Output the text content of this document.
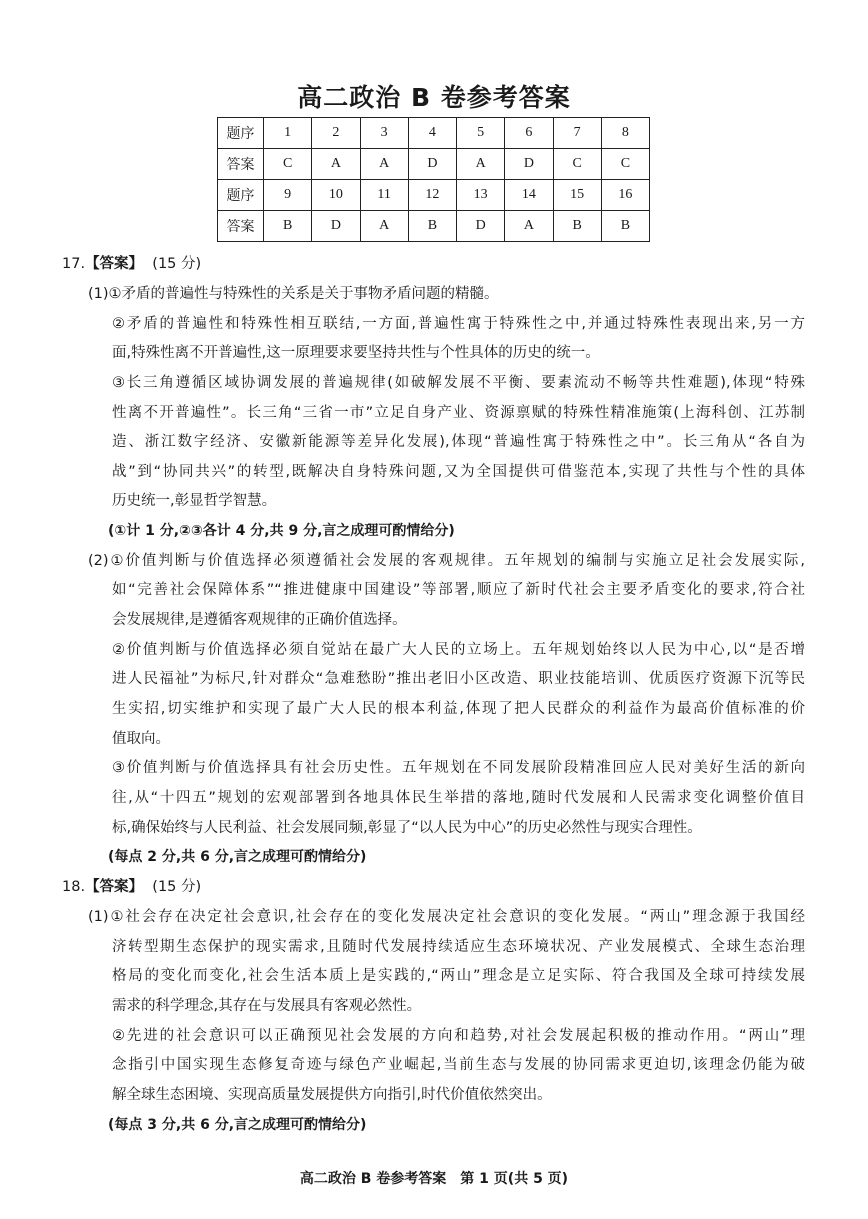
高二政治 B 卷参考答案
题序	1	2	3	4	5	6	7	8
答案	C	A	A	D	A	D	C	C
题序	9	10	11	12	13	14	15	16
答案	B	D	A	B	D	A	B	B
17.【答案】 (15 分)
(1)①矛盾的普遍性与特殊性的关系是关于事物矛盾问题的精髓。
②矛盾的普遍性和特殊性相互联结,一方面,普遍性寓于特殊性之中,并通过特殊性表现出来,另一方
面,特殊性离不开普遍性,这一原理要求要坚持共性与个性具体的历史的统一。
③长三角遵循区域协调发展的普遍规律(如破解发展不平衡、要素流动不畅等共性难题),体现“特殊
性离不开普遍性”。长三角“三省一市”立足自身产业、资源禀赋的特殊性精准施策(上海科创、江苏制
造、浙江数字经济、安徽新能源等差异化发展),体现“普遍性寓于特殊性之中”。长三角从“各自为
战”到“协同共兴”的转型,既解决自身特殊问题,又为全国提供可借鉴范本,实现了共性与个性的具体
历史统一,彰显哲学智慧。
(①计 1 分,②③各计 4 分,共 9 分,言之成理可酌情给分)
(2)①价值判断与价值选择必须遵循社会发展的客观规律。五年规划的编制与实施立足社会发展实际,
如“完善社会保障体系”“推进健康中国建设”等部署,顺应了新时代社会主要矛盾变化的要求,符合社
会发展规律,是遵循客观规律的正确价值选择。
②价值判断与价值选择必须自觉站在最广大人民的立场上。五年规划始终以人民为中心,以“是否增
进人民福祉”为标尺,针对群众“急难愁盼”推出老旧小区改造、职业技能培训、优质医疗资源下沉等民
生实招,切实维护和实现了最广大人民的根本利益,体现了把人民群众的利益作为最高价值标准的价
值取向。
③价值判断与价值选择具有社会历史性。五年规划在不同发展阶段精准回应人民对美好生活的新向
往,从“十四五”规划的宏观部署到各地具体民生举措的落地,随时代发展和人民需求变化调整价值目
标,确保始终与人民利益、社会发展同频,彰显了“以人民为中心”的历史必然性与现实合理性。
(每点 2 分,共 6 分,言之成理可酌情给分)
18.【答案】 (15 分)
(1)①社会存在决定社会意识,社会存在的变化发展决定社会意识的变化发展。“两山”理念源于我国经
济转型期生态保护的现实需求,且随时代发展持续适应生态环境状况、产业发展模式、全球生态治理
格局的变化而变化,社会生活本质上是实践的,“两山”理念是立足实际、符合我国及全球可持续发展
需求的科学理念,其存在与发展具有客观必然性。
②先进的社会意识可以正确预见社会发展的方向和趋势,对社会发展起积极的推动作用。“两山”理
念指引中国实现生态修复奇迹与绿色产业崛起,当前生态与发展的协同需求更迫切,该理念仍能为破
解全球生态困境、实现高质量发展提供方向指引,时代价值依然突出。
(每点 3 分,共 6 分,言之成理可酌情给分)
高二政治 B 卷参考答案　第 1 页(共 5 页)
